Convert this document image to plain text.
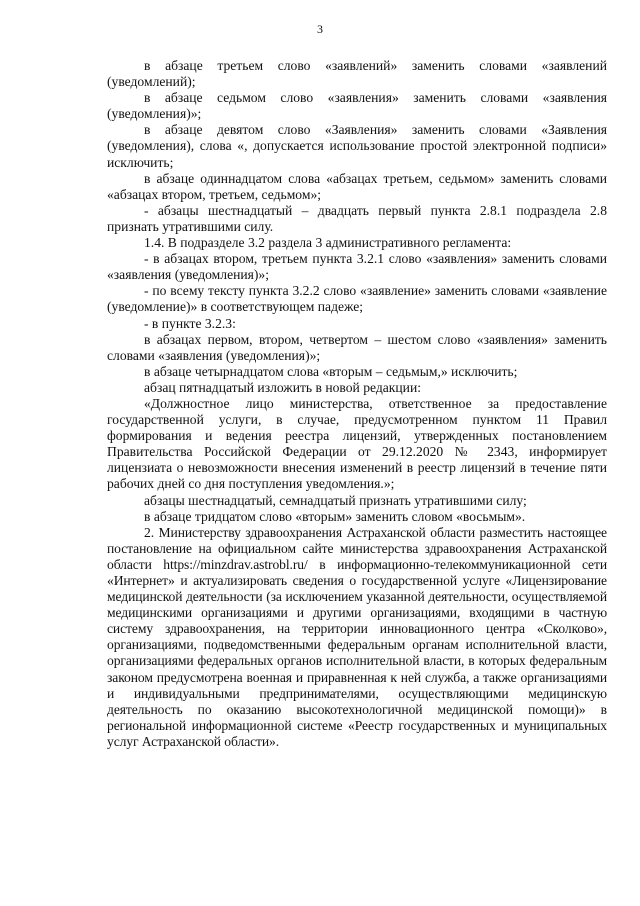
3

в абзаце третьем слово «заявлений» заменить словами «заявлений (уведомлений);

в абзаце седьмом слово «заявления» заменить словами «заявления (уведомления)»;

в абзаце девятом слово «Заявления» заменить словами «Заявления (уведомления), слова «, допускается использование простой электронной подписи» исключить;

в абзаце одиннадцатом слова «абзацах третьем, седьмом» заменить словами «абзацах втором, третьем, седьмом»;

- абзацы шестнадцатый – двадцать первый пункта 2.8.1 подраздела 2.8 признать утратившими силу.

1.4. В подразделе 3.2 раздела 3 административного регламента:

- в абзацах втором, третьем пункта 3.2.1 слово «заявления» заменить словами «заявления (уведомления)»;

- по всему тексту пункта 3.2.2 слово «заявление» заменить словами «заявление (уведомление)» в соответствующем падеже;

- в пункте 3.2.3:

в абзацах первом, втором, четвертом – шестом слово «заявления» заменить словами «заявления (уведомления)»;

в абзаце четырнадцатом слова «вторым – седьмым,» исключить;

абзац пятнадцатый изложить в новой редакции:

«Должностное лицо министерства, ответственное за предоставление государственной услуги, в случае, предусмотренном пунктом 11 Правил формирования и ведения реестра лицензий, утвержденных постановлением Правительства Российской Федерации от 29.12.2020 № 2343, информирует лицензиата о невозможности внесения изменений в реестр лицензий в течение пяти рабочих дней со дня поступления уведомления.»;

абзацы шестнадцатый, семнадцатый признать утратившими силу;

в абзаце тридцатом слово «вторым» заменить словом «восьмым».

2. Министерству здравоохранения Астраханской области разместить настоящее постановление на официальном сайте министерства здравоохранения Астраханской области https://minzdrav.astrobl.ru/ в информационно-телекоммуникационной сети «Интернет» и актуализировать сведения о государственной услуге «Лицензирование медицинской деятельности (за исключением указанной деятельности, осуществляемой медицинскими организациями и другими организациями, входящими в частную систему здравоохранения, на территории инновационного центра «Сколково», организациями, подведомственными федеральным органам исполнительной власти, организациями федеральных органов исполнительной власти, в которых федеральным законом предусмотрена военная и приравненная к ней служба, а также организациями и индивидуальными предпринимателями, осуществляющими медицинскую деятельность по оказанию высокотехнологичной медицинской помощи)» в региональной информационной системе «Реестр государственных и муниципальных услуг Астраханской области».
